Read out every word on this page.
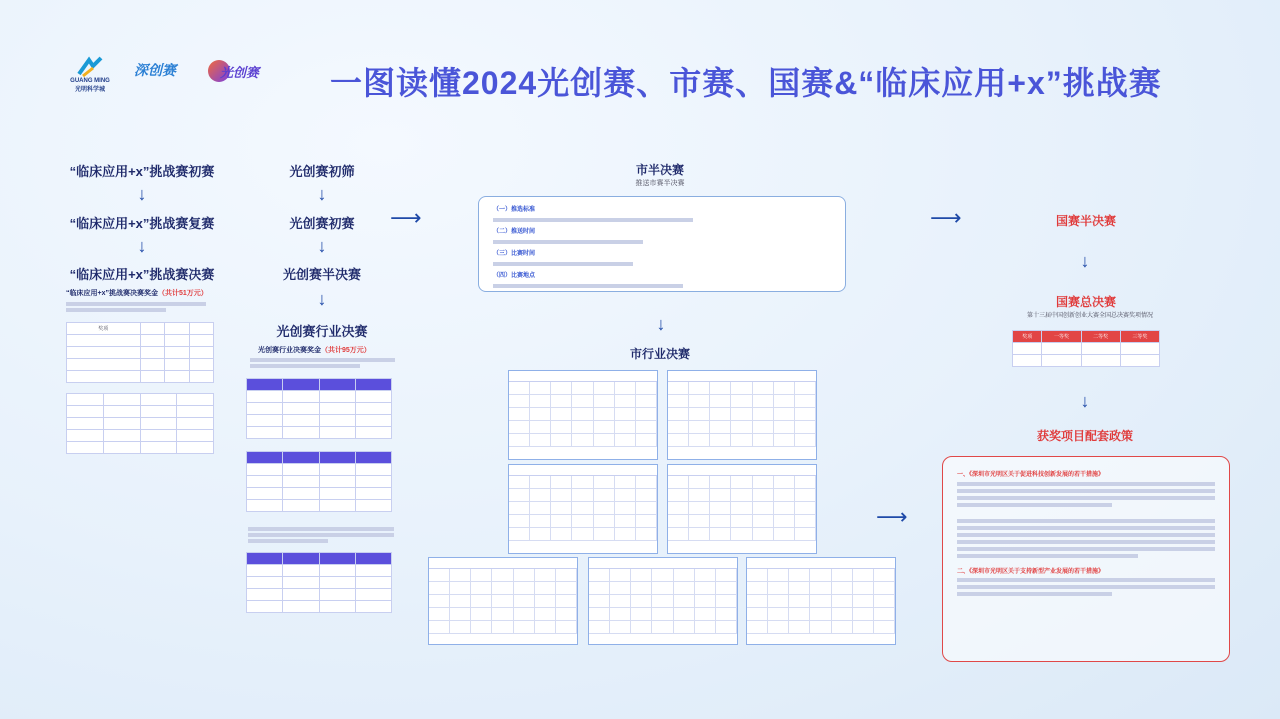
GUANG MING
光明科学城
深创赛	光创赛 一图读懂2024光创赛、市赛、国赛&“临床应用+x”挑战赛
“临床应用+x”挑战赛初赛
↓
“临床应用+x”挑战赛复赛
↓
“临床应用+x”挑战赛决赛
“临床应用+x”挑战赛决赛奖金（共计51万元）
奖项			

光创赛初筛
↓
光创赛初赛
↓
光创赛半决赛
↓
光创赛行业决赛
光创赛行业决赛奖金（共计95万元）

⟶
市半决赛
推送市赛半决赛
（一）推选标准
（二）推送时间
（三）比赛时间
（四）比赛地点
↓
市行业决赛
⟶
⟶
国赛半决赛
↓
国赛总决赛
第十三届中国创新创业大赛全国总决赛奖项情况
奖项	一等奖	二等奖	三等奖

↓
获奖项目配套政策
一、《深圳市光明区关于促进科技创新发展的若干措施》
二、《深圳市光明区关于支持新型产业发展的若干措施》
